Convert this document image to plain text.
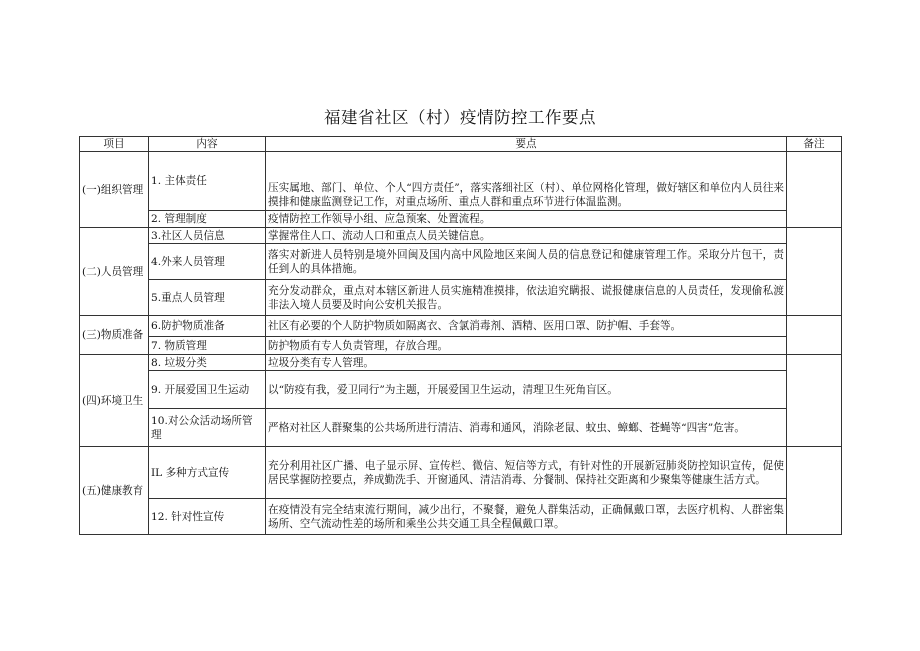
福建省社区（村）疫情防控工作要点
项目	内容	要点	备注
(一)组织管理	1. 主体责任	压实属地、部门、单位、个人“四方责任”，落实落细社区（村）、单位网格化管理，做好辖区和单位内人员往来摸排和健康监测登记工作，对重点场所、重点人群和重点环节进行体温监测。	
	2. 管理制度	疫情防控工作领导小组、应急预案、处置流程。	
(二)人员管理	3.社区人员信息	掌握常住人口、流动人口和重点人员关键信息。	
	4.外来人员管理	落实对新进人员特别是境外回闽及国内高中风险地区来闽人员的信息登记和健康管理工作。采取分片包干，责任到人的具体措施。	
	5.重点人员管理	充分发动群众，重点对本辖区新进人员实施精准摸排，依法追究瞒报、谎报健康信息的人员责任，发现偷私渡非法入境人员要及时向公安机关报告。	
(三)物质准备	6.防护物质准备	社区有必要的个人防护物质如隔离衣、含氯消毒剂、酒精、医用口罩、防护帽、手套等。	
	7. 物质管理	防护物质有专人负责管理，存放合理。	
(四)环境卫生	8. 垃圾分类	垃圾分类有专人管理。	
	9. 开展爱国卫生运动	以“防疫有我，爱卫同行”为主题，开展爱国卫生运动，清理卫生死角盲区。	
	10.对公众活动场所管理	严格对社区人群聚集的公共场所进行清洁、消毒和通风，消除老鼠、蚊虫、蟑螂、苍蝇等“四害”危害。	

(五)健康教育	IL 多种方式宣传	充分利用社区广播、电子显示屏、宣传栏、微信、短信等方式，有针对性的开展新冠肺炎防控知识宣传，促使居民掌握防控要点，养成勤洗手、开窗通风、清洁消毒、分餐制、保持社交距离和少聚集等健康生活方式。	
	12. 针对性宣传	在疫情没有完全结束流行期间，减少出行，不聚餐，避免人群集活动，正确佩戴口罩，去医疗机构、人群密集场所、空气流动性差的场所和乘坐公共交通工具全程佩戴口罩。	
